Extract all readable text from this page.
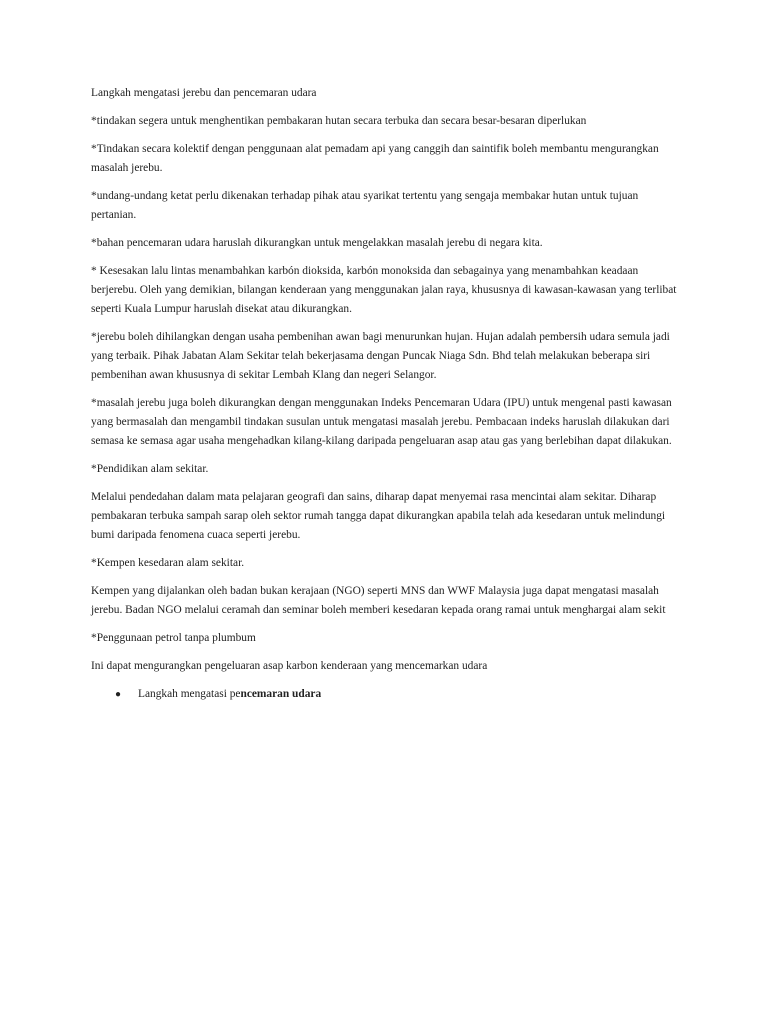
Langkah mengatasi jerebu dan pencemaran udara

*tindakan segera untuk menghentikan pembakaran hutan secara terbuka dan secara besar-besaran diperlukan

*Tindakan secara kolektif dengan penggunaan alat pemadam api yang canggih dan saintifik boleh membantu mengurangkan masalah jerebu.

*undang-undang ketat perlu dikenakan terhadap pihak atau syarikat tertentu yang sengaja membakar hutan untuk tujuan pertanian.

*bahan pencemaran udara haruslah dikurangkan untuk mengelakkan masalah jerebu di negara kita.

* Kesesakan lalu lintas menambahkan karbón dioksida, karbón monoksida dan sebagainya yang menambahkan keadaan berjerebu. Oleh yang demikian, bilangan kenderaan yang menggunakan jalan raya, khususnya di kawasan-kawasan yang terlibat seperti Kuala Lumpur haruslah disekat atau dikurangkan.

*jerebu boleh dihilangkan dengan usaha pembenihan awan bagi menurunkan hujan. Hujan adalah pembersih udara semula jadi yang terbaik. Pihak Jabatan Alam Sekitar telah bekerjasama dengan Puncak Niaga Sdn. Bhd telah melakukan beberapa siri pembenihan awan khususnya di sekitar Lembah Klang dan negeri Selangor.

*masalah jerebu juga boleh dikurangkan dengan menggunakan Indeks Pencemaran Udara (IPU) untuk mengenal pasti kawasan yang bermasalah dan mengambil tindakan susulan untuk mengatasi masalah jerebu. Pembacaan indeks haruslah dilakukan dari semasa ke semasa agar usaha mengehadkan kilang-kilang daripada pengeluaran asap atau gas yang berlebihan dapat dilakukan.

*Pendidikan alam sekitar.

Melalui pendedahan dalam mata pelajaran geografi dan sains, diharap dapat menyemai rasa mencintai alam sekitar. Diharap pembakaran terbuka sampah sarap oleh sektor rumah tangga dapat dikurangkan apabila telah ada kesedaran untuk melindungi bumi daripada fenomena cuaca seperti jerebu.

*Kempen kesedaran alam sekitar.

Kempen yang dijalankan oleh badan bukan kerajaan (NGO) seperti MNS dan WWF Malaysia juga dapat mengatasi masalah jerebu. Badan NGO melalui ceramah dan seminar boleh memberi kesedaran kepada orang ramai untuk menghargai alam sekit

*Penggunaan petrol tanpa plumbum

Ini dapat mengurangkan pengeluaran asap karbon kenderaan yang mencemarkan udara

● Langkah mengatasi pencemaran udara
